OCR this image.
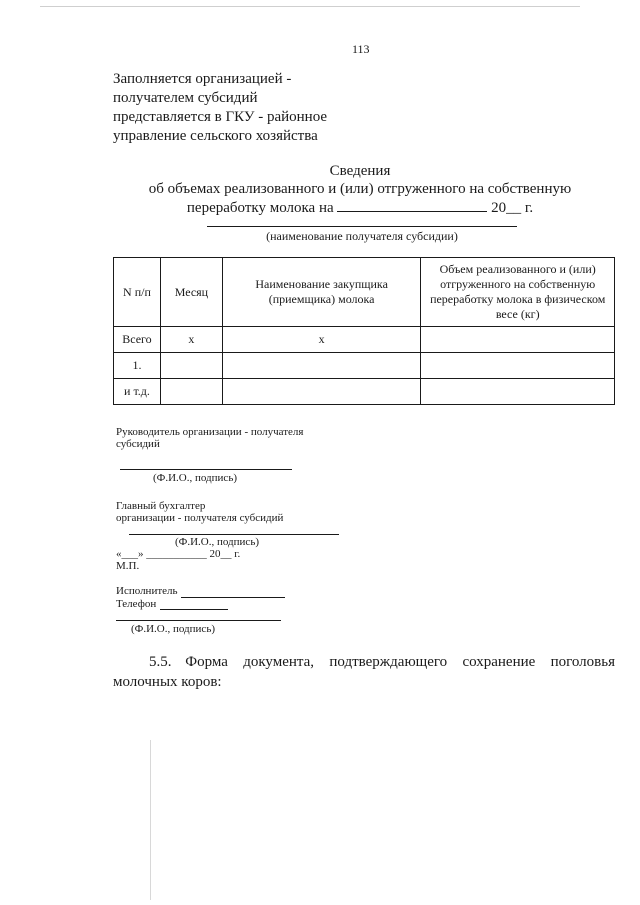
113
Заполняется организацией -
получателем субсидий
представляется в ГКУ - районное
управление сельского хозяйства
Сведения
об объемах реализованного и (или) отгруженного на собственную
переработку молока на	20__ г.
(наименование получателя субсидии)
N п/п	Месяц	Наименование закупщика (приемщика) молока	Объем реализованного и (или) отгруженного на собственную переработку молока в физическом весе (кг)
Всего	х	х	
1.			
и т.д.			
Руководитель организации - получателя
субсидий
(Ф.И.О., подпись)
Главный бухгалтер
организации - получателя субсидий
(Ф.И.О., подпись)
«___» ___________ 20__ г.
М.П.
Исполнитель
Телефон
(Ф.И.О., подпись)
5.5. Форма документа, подтверждающего сохранение поголовья
молочных коров:
